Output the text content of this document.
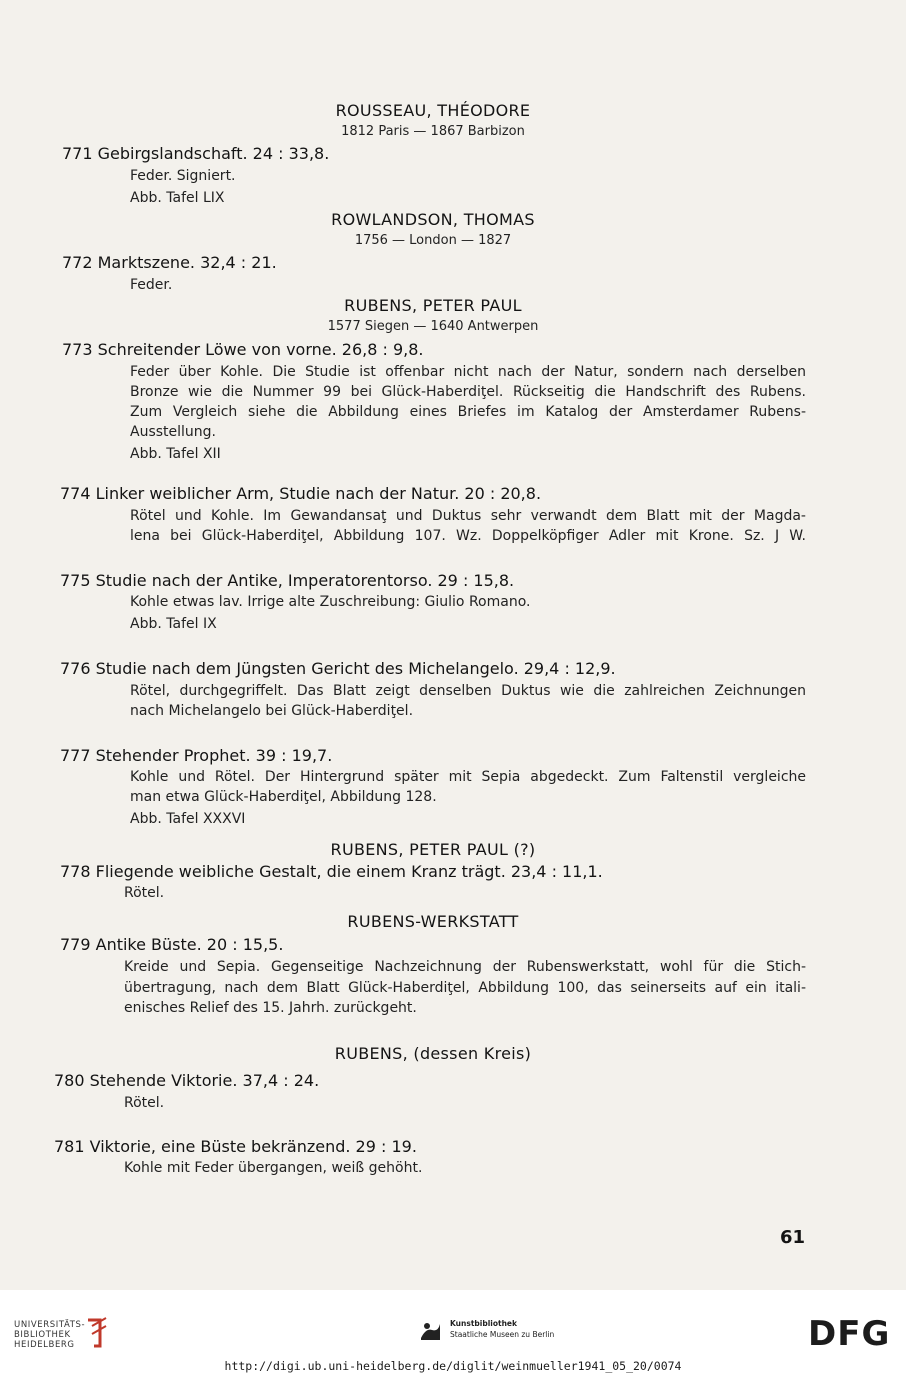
ROUSSEAU, THÉODORE
1812 Paris — 1867 Barbizon
771 Gebirgslandschaft. 24 : 33,8.
Feder. Signiert.
Abb. Tafel LIX
ROWLANDSON, THOMAS
1756 — London — 1827
772 Marktszene. 32,4 : 21.
Feder.
RUBENS, PETER PAUL
1577 Siegen — 1640 Antwerpen
773 Schreitender Löwe von vorne. 26,8 : 9,8.
Feder über Kohle. Die Studie ist offenbar nicht nach der Natur, sondern nach derselben
Bronze wie die Nummer 99 bei Glück-Haberdiţel. Rückseitig die Handschrift des Rubens.
Zum Vergleich siehe die Abbildung eines Briefes im Katalog der Amsterdamer Rubens-
Ausstellung.
Abb. Tafel XII
774 Linker weiblicher Arm, Studie nach der Natur. 20 : 20,8.
Rötel und Kohle. Im Gewandansaţ und Duktus sehr verwandt dem Blatt mit der Magda-
lena bei Glück-Haberdiţel, Abbildung 107. Wz. Doppelköpfiger Adler mit Krone. Sz. J W.
775 Studie nach der Antike, Imperatorentorso. 29 : 15,8.
Kohle etwas lav. Irrige alte Zuschreibung: Giulio Romano.
Abb. Tafel IX
776 Studie nach dem Jüngsten Gericht des Michelangelo. 29,4 : 12,9.
Rötel, durchgegriffelt. Das Blatt zeigt denselben Duktus wie die zahlreichen Zeichnungen
nach Michelangelo bei Glück-Haberdiţel.
777 Stehender Prophet. 39 : 19,7.
Kohle und Rötel. Der Hintergrund später mit Sepia abgedeckt. Zum Faltenstil vergleiche
man etwa Glück-Haberdiţel, Abbildung 128.
Abb. Tafel XXXVI
RUBENS, PETER PAUL (?)
778 Fliegende weibliche Gestalt, die einem Kranz trägt. 23,4 : 11,1.
Rötel.
RUBENS-WERKSTATT
779 Antike Büste. 20 : 15,5.
Kreide und Sepia. Gegenseitige Nachzeichnung der Rubenswerkstatt, wohl für die Stich-
übertragung, nach dem Blatt Glück-Haberdiţel, Abbildung 100, das seinerseits auf ein itali-
enisches Relief des 15. Jahrh. zurückgeht.
RUBENS, (dessen Kreis)
780 Stehende Viktorie. 37,4 : 24.
Rötel.
781 Viktorie, eine Büste bekränzend. 29 : 19.
Kohle mit Feder übergangen, weiß gehöht.
61
UNIVERSITÄTS-
BIBLIOTHEK
HEIDELBERG
Kunstbibliothek
Staatliche Museen zu Berlin	DFG
http://digi.ub.uni-heidelberg.de/diglit/weinmueller1941_05_20/0074
